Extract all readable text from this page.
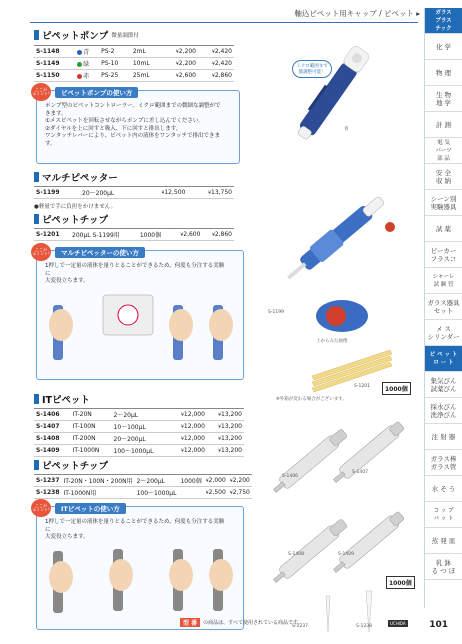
軸込ピペット用キャップ / ピペット ▸	ガラス
プラス
チック
化 学
物 理
生 物
地 学
計 測
電 気
パーツ
部 品
安 全
収 納
シーン別
実験器具
試 薬
ビーカー
フラスコ
シャーレ
試 験 管
ガラス器具
セット
メ ス
シリンダー
ピ ペ ッ ト
ロ ー ト
集気びん
試薬びん
採水びん
洗浄びん
注 射 器
ガラス棒
ガラス管
水 そ う
コ ッ プ
バ ッ ト
蒸 発 皿
乳 鉢
る つ ぼ
ピペットポンプ 微量調節付

S-1148	青	PS-2	2mL	¥2,200	¥2,420
S-1149	緑	PS-10	10mL	¥2,200	¥2,420
S-1150	赤	PS-25	25mL	¥2,600	¥2,860
ミクロ範囲まで微調整可能！
青
ここが
ポイント!	ピペットポンプの使い方
ポンプ型のピペットコントローラー。ミクロ範囲までの微細な調整ができます。
①メスピペットを回転させながらポンプに差し込んでください。
②ダイヤルを上に回すと吸入、下に回すと排出します。
ワンタッチレバーにより、ピペット内の液体をワンタッチで排出できます。
マルチピペッター

S-1199	20〜200μL	¥12,500	¥13,750
●軽量で手に負担をかけません。
S-1199
ピペットチップ

S-1201	200μL S-1199用	1000個	¥2,600	¥2,860
ここが
ポイント!	マルチピペッターの使い方
1押しで一定量の液体を量りとることができるため、何度も分注する実験に
大変役立ちます。
上からみた画像
1000個
S-1201
※外箱が変わる場合がございます。
ITピペット

S-1406	IT-20N	2〜20μL	¥12,000	¥13,200
S-1407	IT-100N	10〜100μL	¥12,000	¥13,200
S-1408	IT-200N	20〜200μL	¥12,000	¥13,200
S-1409	IT-1000N	100〜1000μL	¥12,000	¥13,200
ピペットチップ

S-1237	IT-20N・100N・200N用	2〜200μL	1000個	¥2,000	¥2,200
S-1238	IT-1000N用	100〜1000μL		¥2,500	¥2,750
ここが
ポイント!	ITピペットの使い方
1押しで一定量の液体を量りとることができるため、何度も分注する実験に
大変役立ちます。
S-1406
S-1407
S-1408	S-1409
1000個
S-1237	S-1238
型 番	の商品は、すべて使用されている商品です。	UCHIDA	101
